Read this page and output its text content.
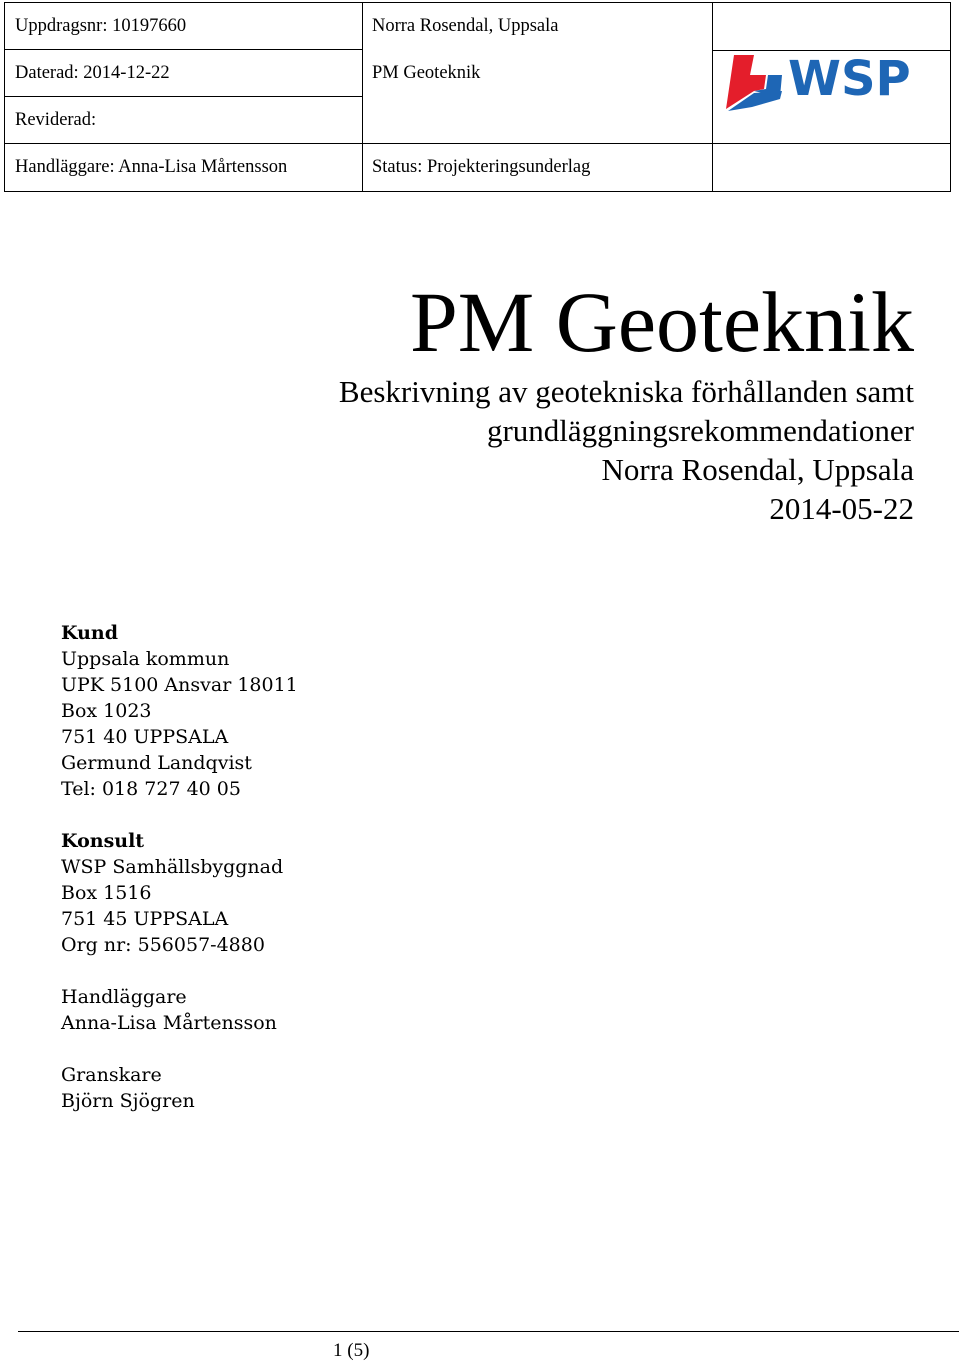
Uppdragsnr: 10197660
Daterad: 2014-12-22
Reviderad:
Handläggare: Anna-Lisa Mårtensson
Norra Rosendal, Uppsala
PM Geoteknik
Status: Projekteringsunderlag
WSP
PM Geoteknik
Beskrivning av geotekniska förhållanden samt
grundläggningsrekommendationer
Norra Rosendal, Uppsala
2014-05-22
Kund
Uppsala kommun
UPK 5100 Ansvar 18011
Box 1023
751 40 UPPSALA
Germund Landqvist
Tel: 018 727 40 05
Konsult
WSP Samhällsbyggnad
Box 1516
751 45 UPPSALA
Org nr: 556057-4880
Handläggare
Anna-Lisa Mårtensson
Granskare
Björn Sjögren
1 (5)
